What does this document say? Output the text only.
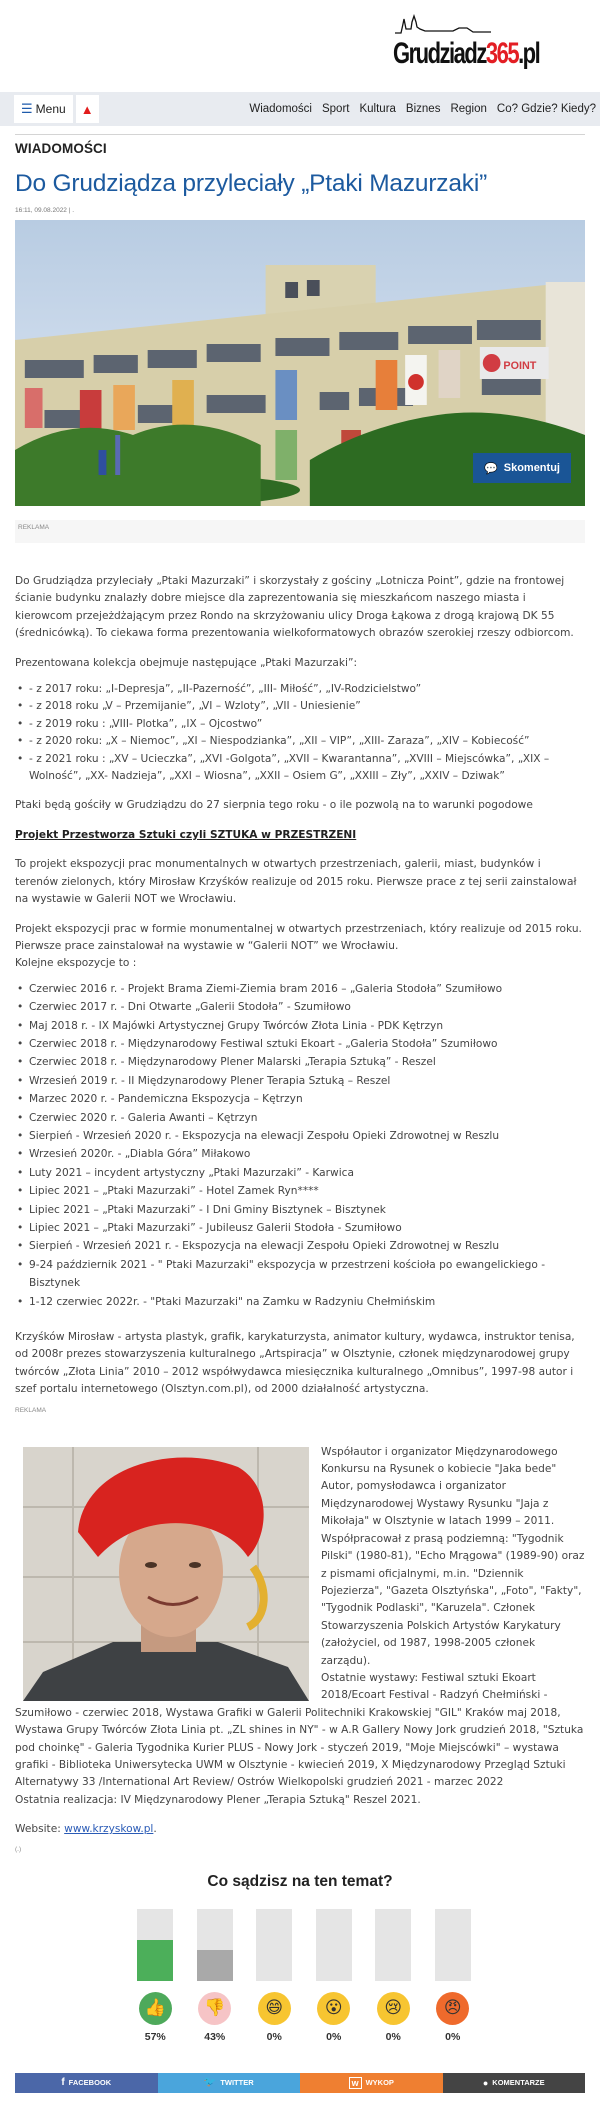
Grudziadz365.pl
☰ Menu ▲	Wiadomości Sport Kultura Biznes Region Co? Gdzie? Kiedy?
WIADOMOŚCI
Do Grudziądza przyleciały „Ptaki Mazurzaki”
16:11, 09.08.2022 | .
POINT
💬 Skomentuj
REKLAMA

Do Grudziądza przyleciały „Ptaki Mazurzaki” i skorzystały z gościny „Lotnicza Point”, gdzie na frontowej ścianie budynku znalazły dobre miejsce dla zaprezentowania się mieszkańcom naszego miasta i kierowcom przejeżdżającym przez Rondo na skrzyżowaniu ulicy Droga Łąkowa z drogą krajową DK 55 (średnicówką). To ciekawa forma prezentowania wielkoformatowych obrazów szerokiej rzeszy odbiorcom.

Prezentowana kolekcja obejmuje następujące „Ptaki Mazurzaki”:

• - z 2017 roku: „I-Depresja”, „II-Pazerność”, „III- Miłość”, „IV-Rodzicielstwo”
• - z 2018 roku „V – Przemijanie”, „VI – Wzloty”, „VII - Uniesienie”
• - z 2019 roku : „VIII- Plotka”, „IX – Ojcostwo”
• - z 2020 roku: „X – Niemoc”, „XI – Niespodzianka”, „XII – VIP”, „XIII- Zaraza”, „XIV – Kobiecość”
• - z 2021 roku : „XV – Ucieczka”, „XVI -Golgota”, „XVII – Kwarantanna”, „XVIII – Miejscówka”, „XIX – Wolność”, „XX- Nadzieja”, „XXI – Wiosna”, „XXII – Osiem G”, „XXIII – Zły”, „XXIV – Dziwak”

Ptaki będą gościły w Grudziądzu do 27 sierpnia tego roku - o ile pozwolą na to warunki pogodowe

Projekt Przestworza Sztuki czyli SZTUKA w PRZESTRZENI

To projekt ekspozycji prac monumentalnych w otwartych przestrzeniach, galerii, miast, budynków i terenów zielonych, który Mirosław Krzyśków realizuje od 2015 roku. Pierwsze prace z tej serii zainstalował na wystawie w Galerii NOT we Wrocławiu.

Projekt ekspozycji prac w formie monumentalnej w otwartych przestrzeniach, który realizuje od 2015 roku.
Pierwsze prace zainstalował na wystawie w “Galerii NOT” we Wrocławiu.
Kolejne ekspozycje to :

• Czerwiec 2016 r. - Projekt Brama Ziemi-Ziemia bram 2016 – „Galeria Stodoła” Szumiłowo
• Czerwiec 2017 r. - Dni Otwarte „Galerii Stodoła” - Szumiłowo
• Maj 2018 r. - IX Majówki Artystycznej Grupy Twórców Złota Linia - PDK Kętrzyn
• Czerwiec 2018 r. - Międzynarodowy Festiwal sztuki Ekoart - „Galeria Stodoła” Szumiłowo
• Czerwiec 2018 r. - Międzynarodowy Plener Malarski „Terapia Sztuką” - Reszel
• Wrzesień 2019 r. - II Międzynarodowy Plener Terapia Sztuką – Reszel
• Marzec 2020 r. - Pandemiczna Ekspozycja – Kętrzyn
• Czerwiec 2020 r. - Galeria Awanti – Kętrzyn
• Sierpień - Wrzesień 2020 r. - Ekspozycja na elewacji Zespołu Opieki Zdrowotnej w Reszlu
• Wrzesień 2020r. - „Diabla Góra” Miłakowo
• Luty 2021 – incydent artystyczny „Ptaki Mazurzaki” - Karwica
• Lipiec 2021 – „Ptaki Mazurzaki” - Hotel Zamek Ryn****
• Lipiec 2021 – „Ptaki Mazurzaki” - I Dni Gminy Bisztynek – Bisztynek
• Lipiec 2021 – „Ptaki Mazurzaki” - Jubileusz Galerii Stodoła - Szumiłowo
• Sierpień - Wrzesień 2021 r. - Ekspozycja na elewacji Zespołu Opieki Zdrowotnej w Reszlu
• 9-24 październik 2021 - " Ptaki Mazurzaki" ekspozycja w przestrzeni kościoła po ewangelickiego - Bisztynek
• 1-12 czerwiec 2022r. - "Ptaki Mazurzaki" na Zamku w Radzyniu Chełmińskim

Krzyśków Mirosław - artysta plastyk, grafik, karykaturzysta, animator kultury, wydawca, instruktor tenisa, od 2008r prezes stowarzyszenia kulturalnego „Artspiracja” w Olsztynie, członek międzynarodowej grupy twórców „Złota Linia” 2010 – 2012 współwydawca miesięcznika kulturalnego „Omnibus”, 1997-98 autor i szef portalu internetowego (Olsztyn.com.pl), od 2000 działalność artystyczna.

REKLAMA
Współautor i organizator Międzynarodowego Konkursu na Rysunek o kobiecie "Jaka bede" Autor, pomysłodawca i organizator Międzynarodowej Wystawy Rysunku "Jaja z Mikołaja" w Olsztynie w latach 1999 – 2011. Współpracował z prasą podziemną: "Tygodnik Pilski" (1980-81), "Echo Mrągowa" (1989-90) oraz z pismami oficjalnymi, m.in. "Dziennik Pojezierza", "Gazeta Olsztyńska", „Foto", "Fakty", "Tygodnik Podlaski", "Karuzela". Członek Stowarzyszenia Polskich Artystów Karykatury (założyciel, od 1987, 1998-2005 członek zarządu).
Ostatnie wystawy: Festiwal sztuki Ekoart 2018/Ecoart Festival - Radzyń Chełmiński - Szumiłowo - czerwiec 2018, Wystawa Grafiki w Galerii Politechniki Krakowskiej "GIL" Kraków maj 2018, Wystawa Grupy Twórców Złota Linia pt. „ZL shines in NY" - w A.R Gallery Nowy Jork grudzień 2018, "Sztuka pod choinkę" - Galeria Tygodnika Kurier PLUS - Nowy Jork - styczeń 2019, "Moje Miejscówki" – wystawa grafiki - Biblioteka Uniwersytecka UWM w Olsztynie - kwiecień 2019, X Międzynarodowy Przegląd Sztuki Alternatywy 33 /International Art Review/ Ostrów Wielkopolski grudzień 2021 - marzec 2022
Ostatnia realizacja: IV Międzynarodowy Plener „Terapia Sztuką" Reszel 2021.
Website: www.krzyskow.pl.
(.)
Co sądzisz na ten temat?
👍
57%
👎
43%
😄
0%
😮
0%
😢
0%
😠
0%
f FACEBOOK	🐦 TWITTER	w WYKOP	● KOMENTARZE
